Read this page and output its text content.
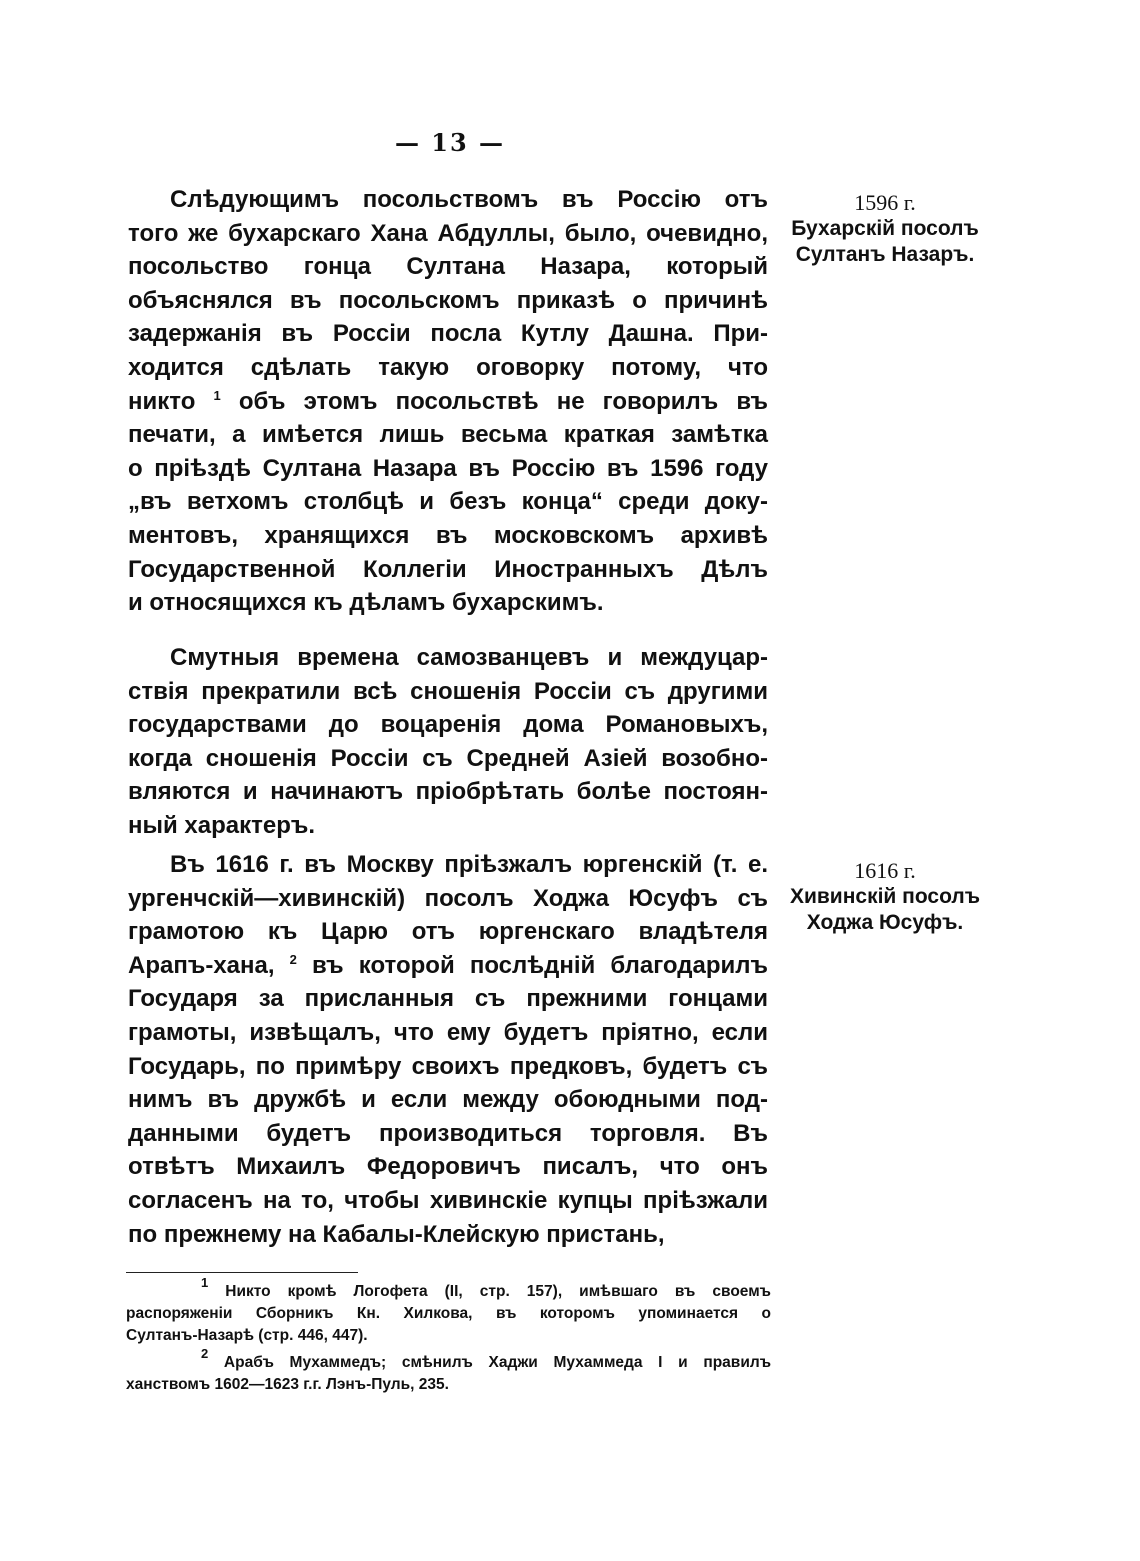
— 13 —
Слѣдующимъ посольствомъ въ Россію отъ
того же бухарскаго Хана Абдуллы, было, очевидно,
посольство гонца Султана Назара, который
объяснялся въ посольскомъ приказѣ о причинѣ
задержанія въ Россіи посла Кутлу Дашна. При-
ходится сдѣлать такую оговорку потому, что
никто $^1$ объ этомъ посольствѣ не говорилъ въ
печати, а имѣется лишь весьма краткая замѣтка
о пріѣздѣ Султана Назара въ Россію въ 1596 году
„въ ветхомъ столбцѣ и безъ конца“ среди доку-
ментовъ, хранящихся въ московскомъ архивѣ
Государственной Коллегіи Иностранныхъ Дѣлъ
и относящихся къ дѣламъ бухарскимъ.
Смутныя времена самозванцевъ и междуцар-
ствія прекратили всѣ сношенія Россіи съ другими
государствами до воцаренія дома Романовыхъ,
когда сношенія Россіи съ Средней Азіей возобно-
вляются и начинаютъ пріобрѣтать болѣе постоян-
ный характеръ.
Въ 1616 г. въ Москву пріѣзжалъ юргенскій (т. е.
ургенчскій—хивинскій) посолъ Ходжа Юсуфъ съ
грамотою къ Царю отъ юргенскаго владѣтеля
Арапъ-хана, $^2$ въ которой послѣдній благодарилъ
Государя за присланныя съ прежними гонцами
грамоты, извѣщалъ, что ему будетъ пріятно, если
Государь, по примѣру своихъ предковъ, будетъ съ
нимъ въ дружбѣ и если между обоюдными под-
данными будетъ производиться торговля. Въ
отвѣтъ Михаилъ Федоровичъ писалъ, что онъ
согласенъ на то, чтобы хивинскіе купцы пріѣзжали
по прежнему на Кабалы-Клейскую пристань,
1596 г.
Бухарскій посолъ
Султанъ Назаръ.
1616 г.
Хивинскій посолъ
Ходжа Юсуфъ.
$^1$ Никто кромѣ Логофета (II, стр. 157), имѣвшаго въ своемъ
распоряженіи Сборникъ Кн. Хилкова, въ которомъ упоминается о
Султанъ-Назарѣ (стр. 446, 447).
$^2$ Арабъ Мухаммедъ; смѣнилъ Хаджи Мухаммеда I и правилъ
ханствомъ 1602—1623 г.г. Лэнъ-Пуль, 235.
